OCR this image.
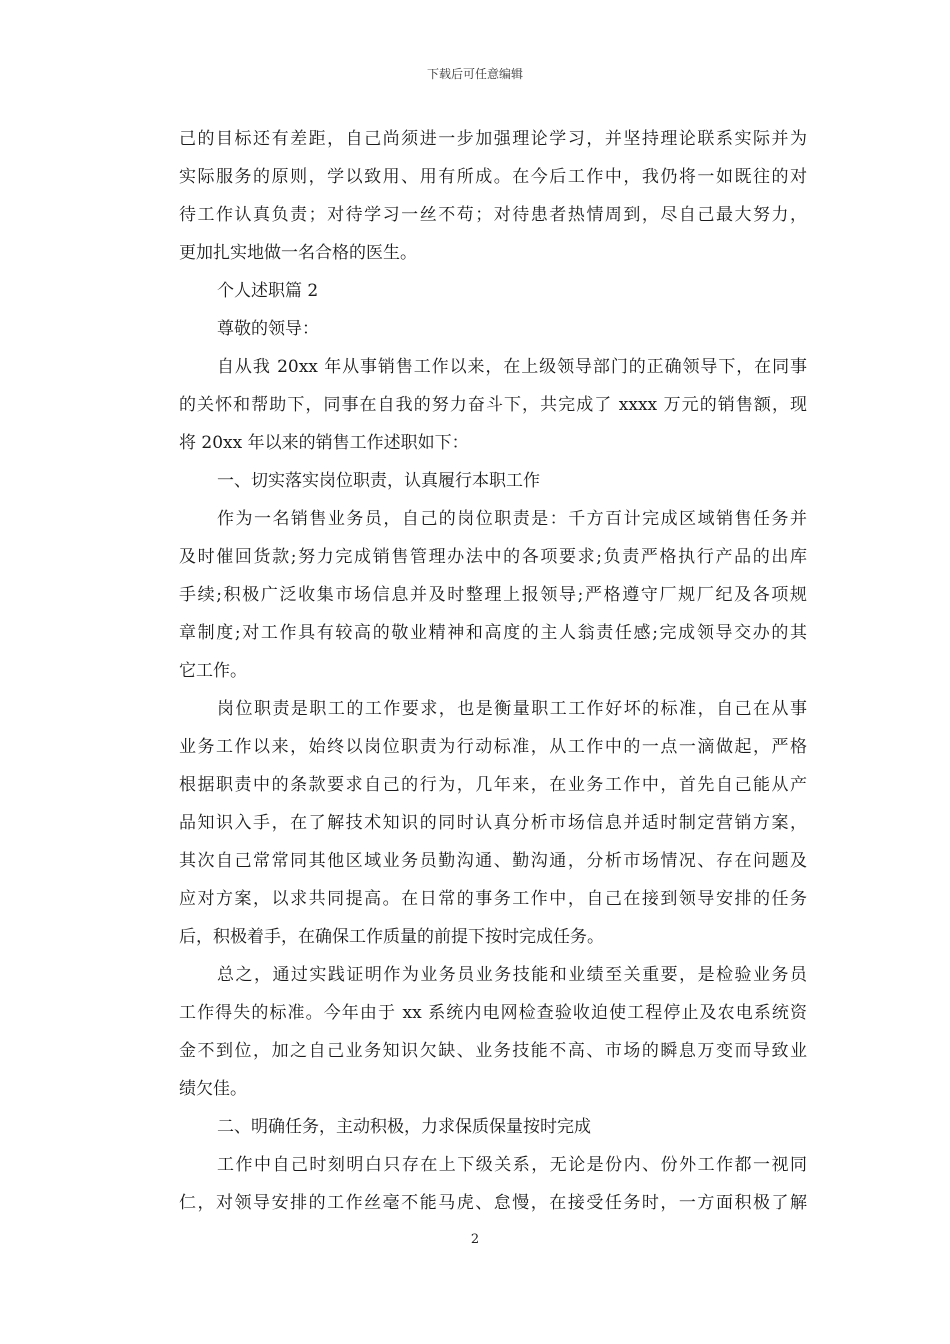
下载后可任意编辑
己的目标还有差距，自己尚须进一步加强理论学习，并坚持理论联系实际并为
实际服务的原则，学以致用、用有所成。在今后工作中，我仍将一如既往的对
待工作认真负责；对待学习一丝不苟；对待患者热情周到，尽自己最大努力，
更加扎实地做一名合格的医生。
个人述职篇 2
尊敬的领导：
自从我 20xx 年从事销售工作以来，在上级领导部门的正确领导下，在同事
的关怀和帮助下，同事在自我的努力奋斗下，共完成了 xxxx 万元的销售额，现
将 20xx 年以来的销售工作述职如下：
一、切实落实岗位职责，认真履行本职工作
作为一名销售业务员，自己的岗位职责是：千方百计完成区域销售任务并
及时催回货款;努力完成销售管理办法中的各项要求;负责严格执行产品的出库
手续;积极广泛收集市场信息并及时整理上报领导;严格遵守厂规厂纪及各项规
章制度;对工作具有较高的敬业精神和高度的主人翁责任感;完成领导交办的其
它工作。
岗位职责是职工的工作要求，也是衡量职工工作好坏的标准，自己在从事
业务工作以来，始终以岗位职责为行动标准，从工作中的一点一滴做起，严格
根据职责中的条款要求自己的行为，几年来，在业务工作中，首先自己能从产
品知识入手，在了解技术知识的同时认真分析市场信息并适时制定营销方案，
其次自己常常同其他区域业务员勤沟通、勤沟通，分析市场情况、存在问题及
应对方案，以求共同提高。在日常的事务工作中，自己在接到领导安排的任务
后，积极着手，在确保工作质量的前提下按时完成任务。
总之，通过实践证明作为业务员业务技能和业绩至关重要，是检验业务员
工作得失的标准。今年由于 xx 系统内电网检查验收迫使工程停止及农电系统资
金不到位，加之自己业务知识欠缺、业务技能不高、市场的瞬息万变而导致业
绩欠佳。
二、明确任务，主动积极，力求保质保量按时完成
工作中自己时刻明白只存在上下级关系，无论是份内、份外工作都一视同
仁，对领导安排的工作丝毫不能马虎、怠慢，在接受任务时，一方面积极了解
2
